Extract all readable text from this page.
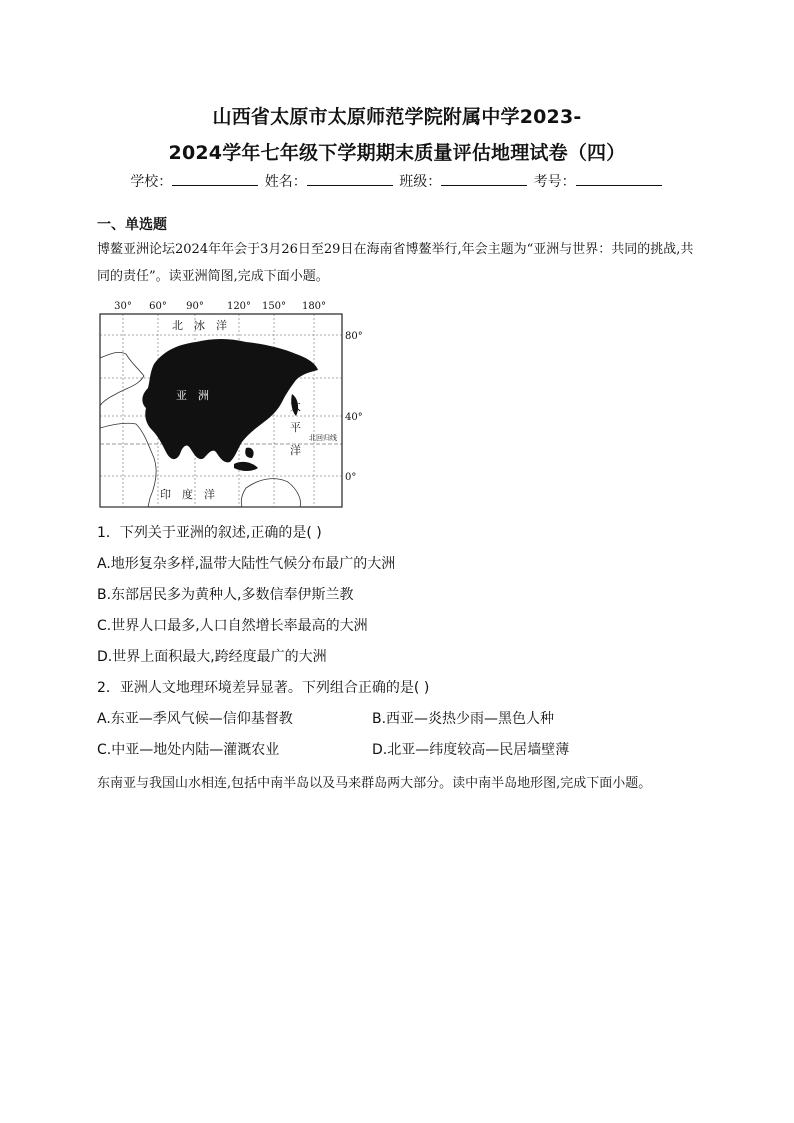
山西省太原市太原师范学院附属中学2023-
2024学年七年级下学期期末质量评估地理试卷（四）
学校：	姓名：	班级：	考号：
一、单选题
博鳌亚洲论坛2024年年会于3月26日至29日在海南省博鳌举行,年会主题为“亚洲与世界：共同的挑战,共同的责任”。读亚洲简图,完成下面小题。
30° 60° 90° 120° 150° 180°
80°
40°
0°
北　冰　洋
太
平
洋
印　度　洋
亚　洲
北回归线
1．下列关于亚洲的叙述,正确的是( )
A.地形复杂多样,温带大陆性气候分布最广的大洲
B.东部居民多为黄种人,多数信奉伊斯兰教
C.世界人口最多,人口自然增长率最高的大洲
D.世界上面积最大,跨经度最广的大洲
2．亚洲人文地理环境差异显著。下列组合正确的是( )
A.东亚—季风气候—信仰基督教	B.西亚—炎热少雨—黑色人种
C.中亚—地处内陆—灌溉农业	D.北亚—纬度较高—民居墙壁薄
东南亚与我国山水相连,包括中南半岛以及马来群岛两大部分。读中南半岛地形图,完成下面小题。
